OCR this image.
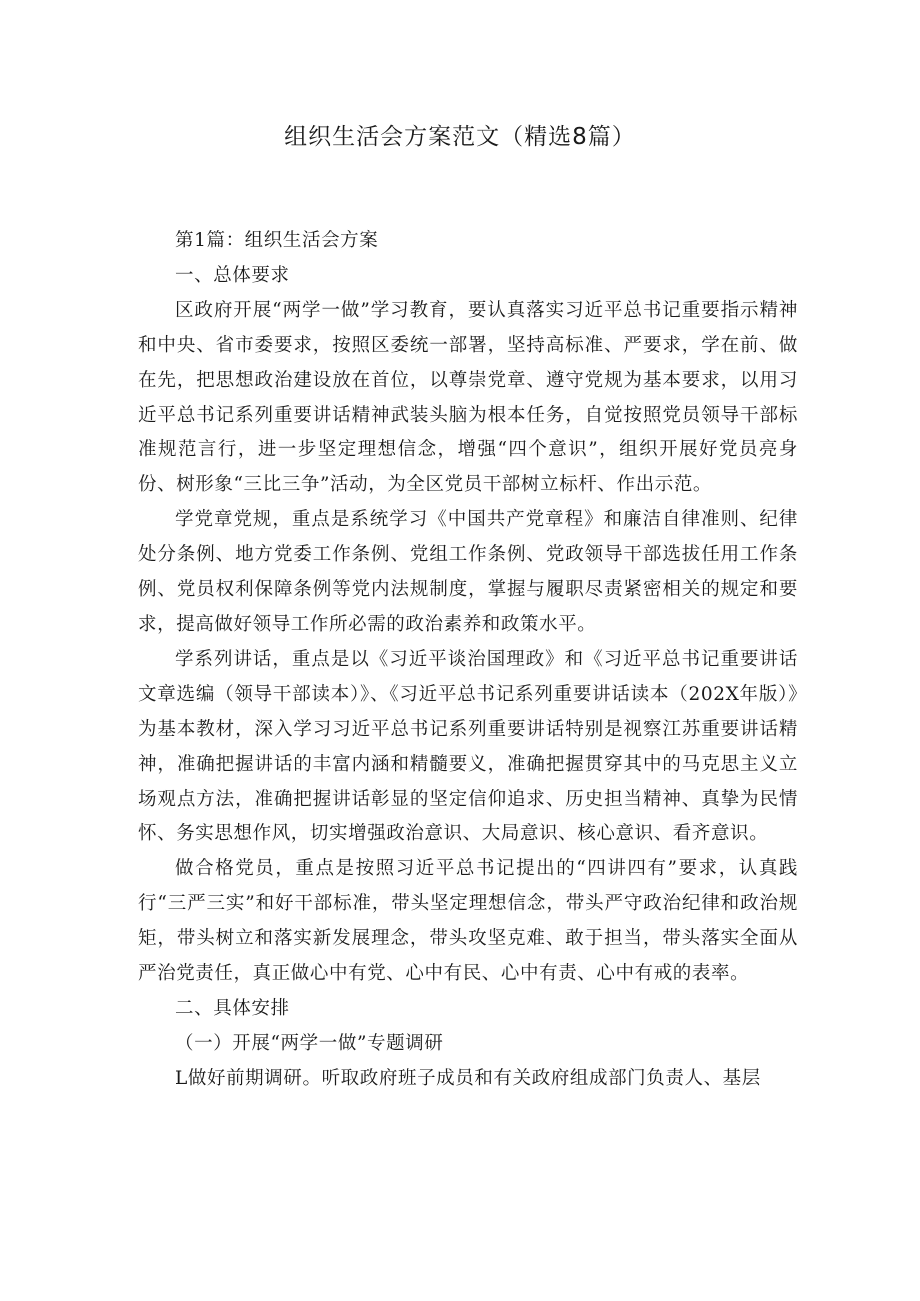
组织生活会方案范文（精选8篇）

第1篇：组织生活会方案

一、总体要求

区政府开展“两学一做”学习教育，要认真落实习近平总书记重要指示精神和中央、省市委要求，按照区委统一部署，坚持高标准、严要求，学在前、做在先，把思想政治建设放在首位，以尊崇党章、遵守党规为基本要求，以用习近平总书记系列重要讲话精神武装头脑为根本任务，自觉按照党员领导干部标准规范言行，进一步坚定理想信念，增强“四个意识”，组织开展好党员亮身份、树形象“三比三争”活动，为全区党员干部树立标杆、作出示范。

学党章党规，重点是系统学习《中国共产党章程》和廉洁自律准则、纪律处分条例、地方党委工作条例、党组工作条例、党政领导干部选拔任用工作条例、党员权利保障条例等党内法规制度，掌握与履职尽责紧密相关的规定和要求，提高做好领导工作所必需的政治素养和政策水平。

学系列讲话，重点是以《习近平谈治国理政》和《习近平总书记重要讲话文章选编（领导干部读本）》、《习近平总书记系列重要讲话读本（202X年版）》为基本教材，深入学习习近平总书记系列重要讲话特别是视察江苏重要讲话精神，准确把握讲话的丰富内涵和精髓要义，准确把握贯穿其中的马克思主义立场观点方法，准确把握讲话彰显的坚定信仰追求、历史担当精神、真挚为民情怀、务实思想作风，切实增强政治意识、大局意识、核心意识、看齐意识。

做合格党员，重点是按照习近平总书记提出的“四讲四有”要求，认真践行“三严三实”和好干部标准，带头坚定理想信念，带头严守政治纪律和政治规矩，带头树立和落实新发展理念，带头攻坚克难、敢于担当，带头落实全面从严治党责任，真正做心中有党、心中有民、心中有责、心中有戒的表率。

二、具体安排

（一）开展“两学一做”专题调研

L做好前期调研。听取政府班子成员和有关政府组成部门负责人、基层
